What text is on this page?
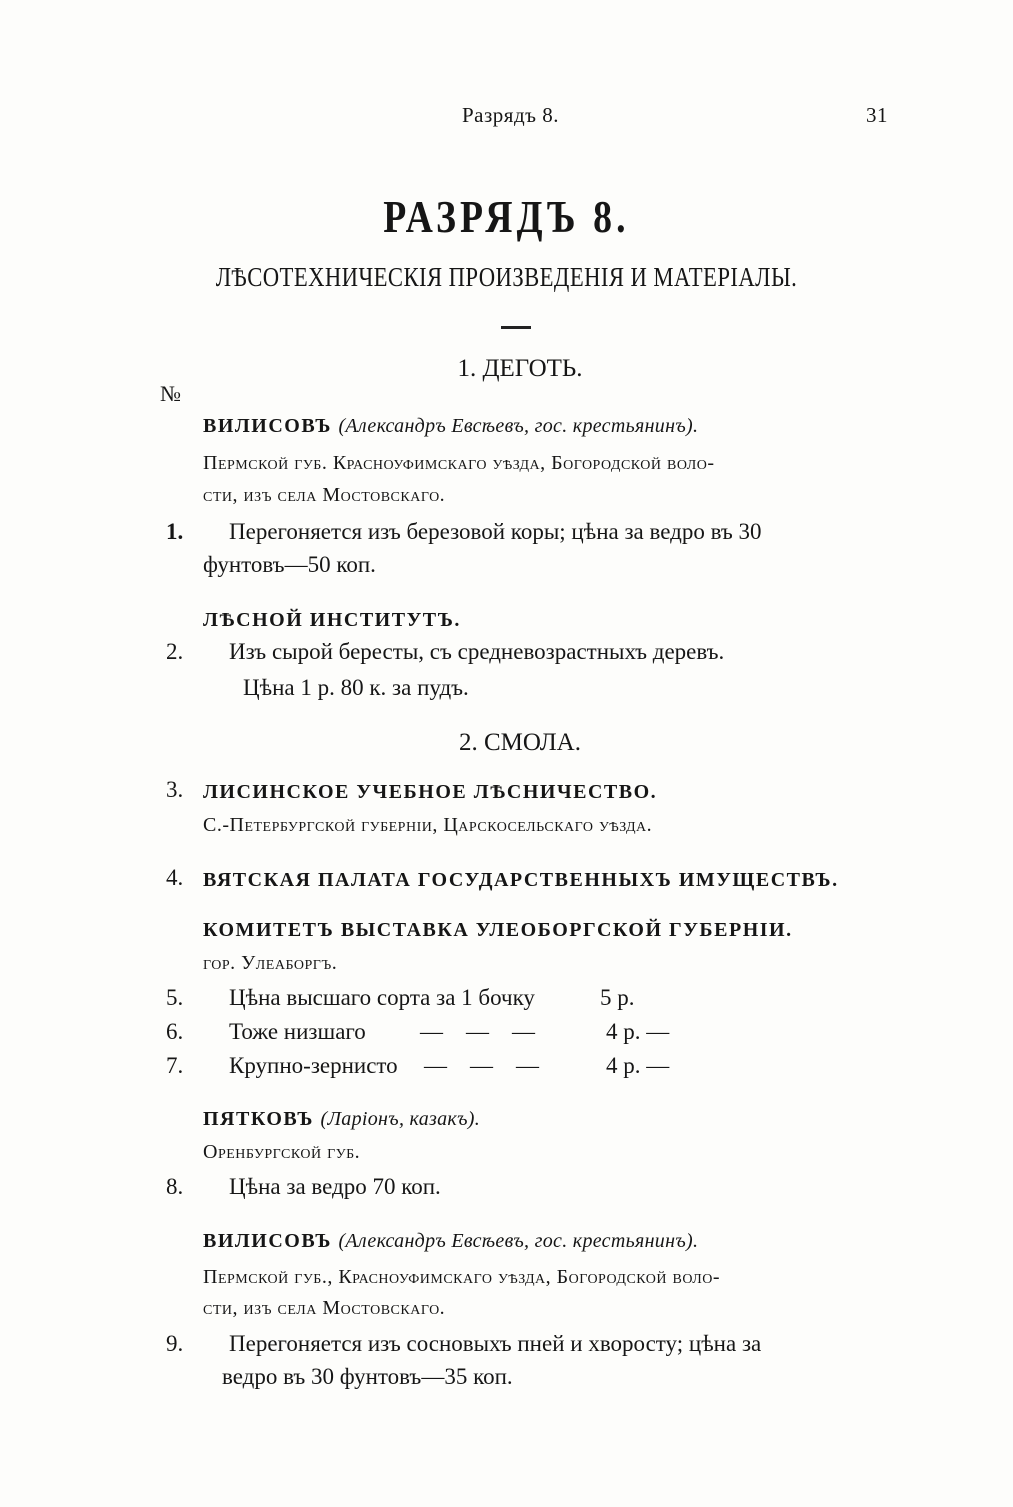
Разрядъ 8.	31
РАЗРЯДЪ 8.
ЛѢСОТЕХНИЧЕСКІЯ ПРОИЗВЕДЕНІЯ И МАТЕРІАЛЫ.
1. ДЕГОТЬ.
№
ВИЛИСОВЪ (Александръ Евсѣевъ, гос. крестьянинъ).
Пермской губ. Красноуфимскаго уѣзда, Богородской воло-
сти, изъ села Мостовскаго.
1. Перегоняется изъ березовой коры; цѣна за ведро въ 30
фунтовъ—50 коп.
ЛѢСНОЙ ИНСТИТУТЪ.
2. Изъ сырой бересты, съ средневозрастныхъ деревъ.
Цѣна 1 р. 80 к. за пудъ.
2. СМОЛА.
3. ЛИСИНСКОЕ УЧЕБНОЕ ЛѢСНИЧЕСТВО.
С.-Петербургской губерніи, Царскосельскаго уѣзда.
4. ВЯТСКАЯ ПАЛАТА ГОСУДАРСТВЕННЫХЪ ИМУЩЕСТВЪ.
КОМИТЕТЪ ВЫСТАВКА УЛЕОБОРГСКОЙ ГУБЕРНІИ.
гор. Улеаборгъ.
5. Цѣна высшаго сорта за 1 бочку	5 р.
6. Тоже низшаго —    —    —	4 р. —
7. Крупно-зернисто —    —    —	4 р. —
ПЯТКОВЪ (Ларіонъ, казакъ).
Оренбургской губ.
8. Цѣна за ведро 70 коп.
ВИЛИСОВЪ (Александръ Евсѣевъ, гос. крестьянинъ).
Пермской губ., Красноуфимскаго уѣзда, Богородской воло-
сти, изъ села Мостовскаго.
9. Перегоняется изъ сосновыхъ пней и хворосту; цѣна за
ведро въ 30 фунтовъ—35 коп.
